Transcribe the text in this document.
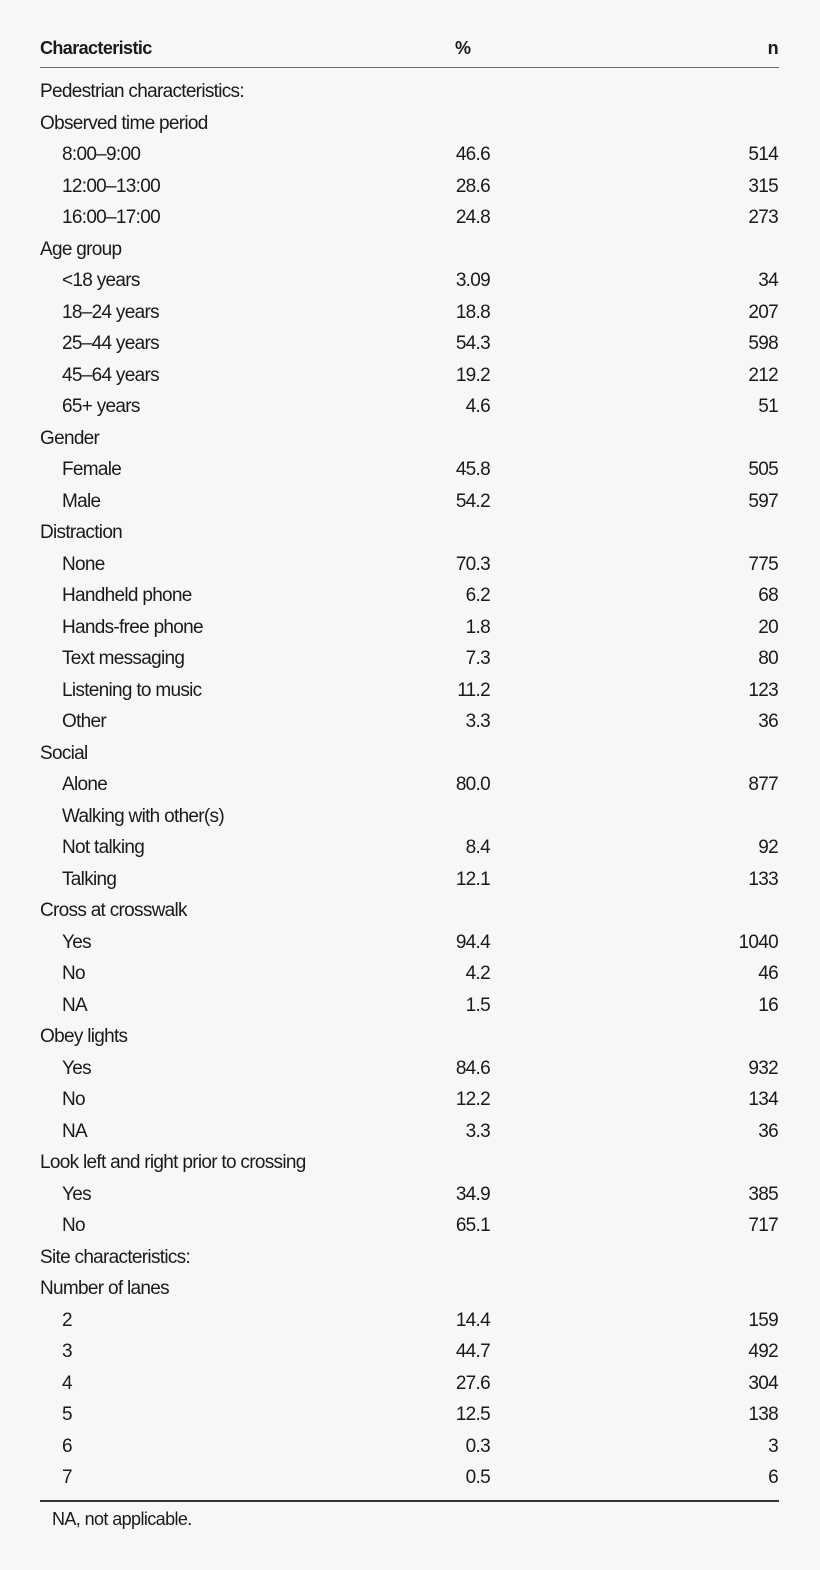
Characteristic	%	n
Pedestrian characteristics:
Observed time period
8:00–9:00	46.6	514
12:00–13:00	28.6	315
16:00–17:00	24.8	273
Age group
<18 years	3.09	34
18–24 years	18.8	207
25–44 years	54.3	598
45–64 years	19.2	212
65+ years	4.6	51
Gender
Female	45.8	505
Male	54.2	597
Distraction
None	70.3	775
Handheld phone	6.2	68
Hands-free phone	1.8	20
Text messaging	7.3	80
Listening to music	11.2	123
Other	3.3	36
Social
Alone	80.0	877
Walking with other(s)
Not talking	8.4	92
Talking	12.1	133
Cross at crosswalk
Yes	94.4	1040
No	4.2	46
NA	1.5	16
Obey lights
Yes	84.6	932
No	12.2	134
NA	3.3	36
Look left and right prior to crossing
Yes	34.9	385
No	65.1	717
Site characteristics:
Number of lanes
2	14.4	159
3	44.7	492
4	27.6	304
5	12.5	138
6	0.3	3
7	0.5	6
NA, not applicable.
